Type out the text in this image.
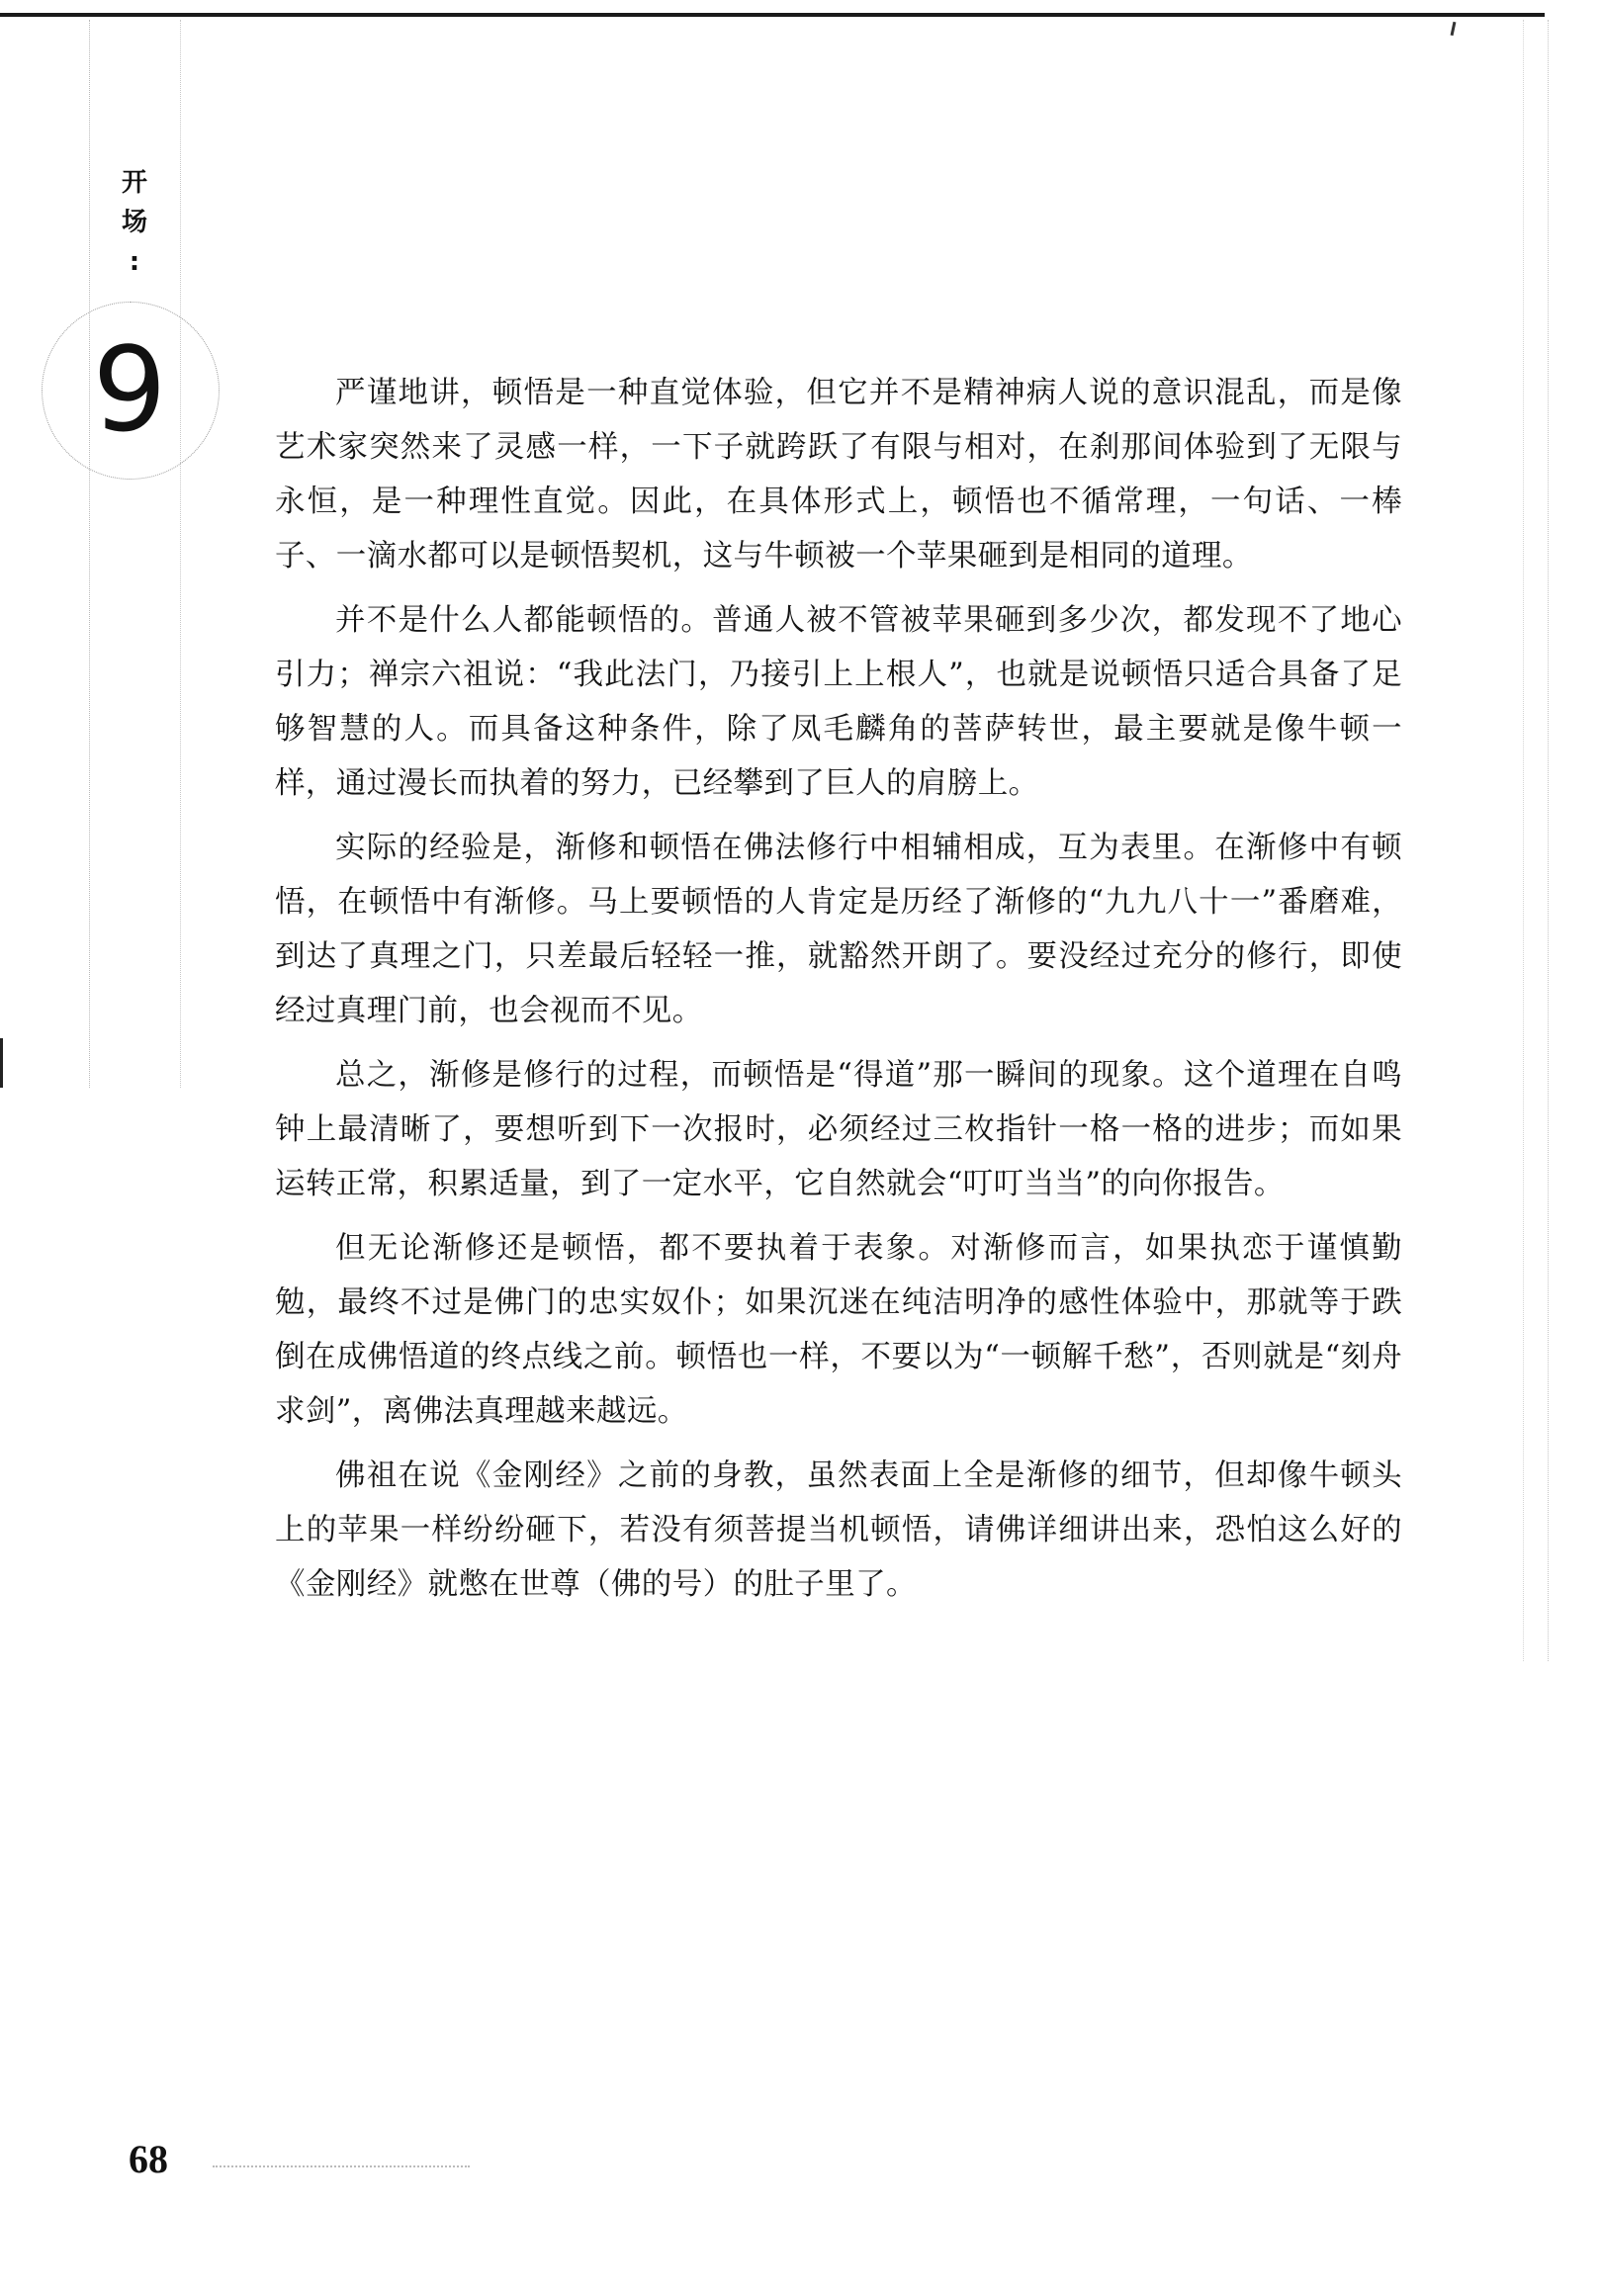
开
场
:
9	严谨地讲，顿悟是一种直觉体验，但它并不是精神病人说的意识混乱，而是像艺术家突然来了灵感一样，一下子就跨跃了有限与相对，在刹那间体验到了无限与永恒，是一种理性直觉。因此，在具体形式上，顿悟也不循常理，一句话、一棒子、一滴水都可以是顿悟契机，这与牛顿被一个苹果砸到是相同的道理。

并不是什么人都能顿悟的。普通人被不管被苹果砸到多少次，都发现不了地心引力；禅宗六祖说：“我此法门，乃接引上上根人”，也就是说顿悟只适合具备了足够智慧的人。而具备这种条件，除了凤毛麟角的菩萨转世，最主要就是像牛顿一样，通过漫长而执着的努力，已经攀到了巨人的肩膀上。

实际的经验是，渐修和顿悟在佛法修行中相辅相成，互为表里。在渐修中有顿悟，在顿悟中有渐修。马上要顿悟的人肯定是历经了渐修的“九九八十一”番磨难，到达了真理之门，只差最后轻轻一推，就豁然开朗了。要没经过充分的修行，即使经过真理门前，也会视而不见。

总之，渐修是修行的过程，而顿悟是“得道”那一瞬间的现象。这个道理在自鸣钟上最清晰了，要想听到下一次报时，必须经过三枚指针一格一格的进步；而如果运转正常，积累适量，到了一定水平，它自然就会“叮叮当当”的向你报告。

但无论渐修还是顿悟，都不要执着于表象。对渐修而言，如果执恋于谨慎勤勉，最终不过是佛门的忠实奴仆；如果沉迷在纯洁明净的感性体验中，那就等于跌倒在成佛悟道的终点线之前。顿悟也一样，不要以为“一顿解千愁”，否则就是“刻舟求剑”，离佛法真理越来越远。

佛祖在说《金刚经》之前的身教，虽然表面上全是渐修的细节，但却像牛顿头上的苹果一样纷纷砸下，若没有须菩提当机顿悟，请佛详细讲出来，恐怕这么好的《金刚经》就憋在世尊（佛的号）的肚子里了。

68
